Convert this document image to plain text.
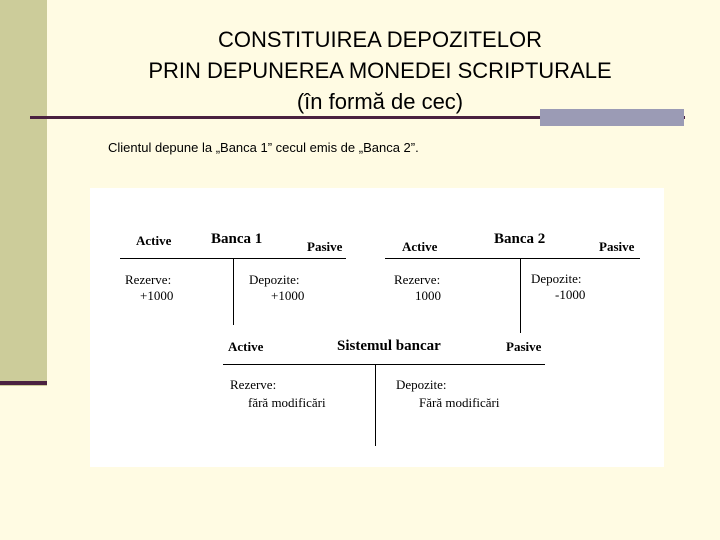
CONSTITUIREA DEPOZITELOR
PRIN DEPUNEREA MONEDEI SCRIPTURALE
(în formă de cec)
Clientul depune la „Banca 1” cecul emis de „Banca 2”.
Active	Banca 1	Pasive
Rezerve:
+1000
Depozite:
+1000
Active	Banca 2	Pasive
Rezerve:
1000
Depozite:
-1000
Active	Sistemul bancar	Pasive
Rezerve:
fără modificări
Depozite:
Fără modificări
